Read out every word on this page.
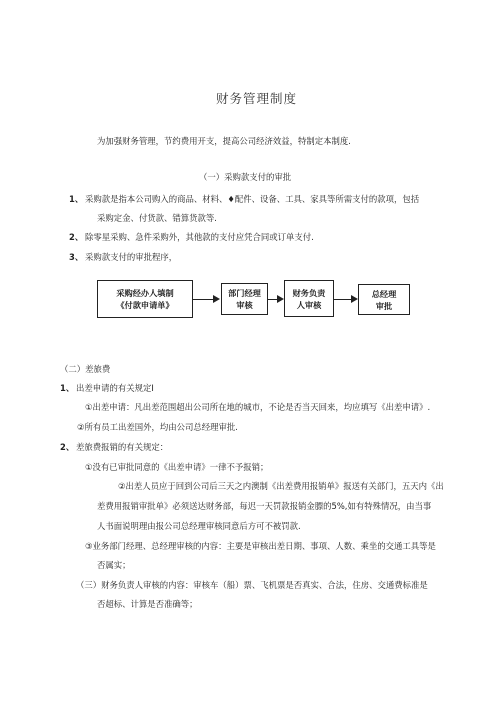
财务管理制度
为加强财务管理，节约费用开支，提高公司经济效益，特制定本制度.
（一）采购款支付的审批
1、 采购款是指本公司购入的商品、材料、♦配件、设备、工具、家具等所需支付的款项，包括
采购定金、付货款、错算货款等.
2、 除零星采购、急件采购外，其他款的支付应凭合同或订单支付.
3、 采购款支付的审批程序，
采购经办人填制
《付款申请单》
部门经理
审核
财务负责
人审核
总经理
审批
（二）差旅费
1、 出差申请的有关规定I
①出差申请：凡出差范围超出公司所在地的城市，不论是否当天回来，均应填写《出差申请》.
②所有员工出差国外，均由公司总经理审批.
2、 差旅费报销的有关规定：
①没有已审批同意的《出差申请》一律不予报销；
②出差人员应于回到公司后三天之内澳制《出差费用报销单》报送有关部门，五天内《出
差费用报销审批单》必须送达财务部，每迟一天罚款报销金膘的5%,如有特殊情况，由当事
人书面说明理由报公司总经理审核同意后方可不被罚款.
③业务部门经理、总经理审核的内容：主要是审核出差日期、事项、人数、乘坐的交通工具等是
否属实；
（三）财务负责人审核的内容：审核车（船）票、飞机票是否真实、合法，住房、交通费标准是
否超标、计算是否准确等；
